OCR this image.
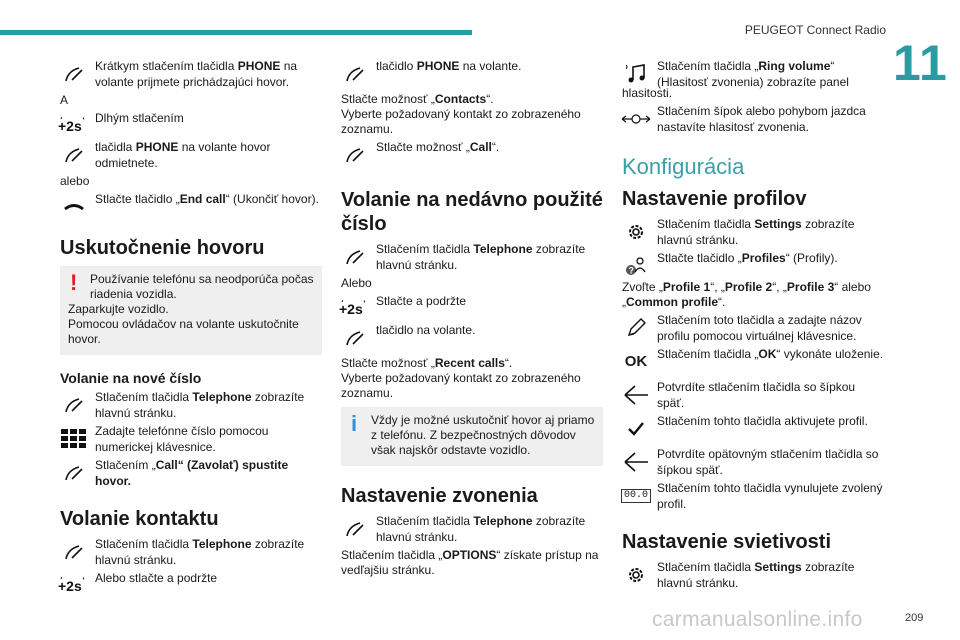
PEUGEOT Connect Radio
11
Krátkym stlačením tlačidla PHONE na volante prijmete prichádzajúci hovor.
A
+2s Dlhým stlačením
tlačidla PHONE na volante hovor odmietnete.
alebo
Stlačte tlačidlo „End call“ (Ukončiť hovor).
Uskutočnenie hovoru
! Používanie telefónu sa neodporúča počas riadenia vozidla.
Zaparkujte vozidlo.
Pomocou ovládačov na volante uskutočnite hovor.
Volanie na nové číslo
Stlačením tlačidla Telephone zobrazíte hlavnú stránku.
Zadajte telefónne číslo pomocou numerickej klávesnice.
Stlačením „Call“ (Zavolať) spustite hovor.
Volanie kontaktu
Stlačením tlačidla Telephone zobrazíte hlavnú stránku.
+2s Alebo stlačte a podržte
tlačidlo PHONE na volante.
Stlačte možnosť „Contacts“.
Vyberte požadovaný kontakt zo zobrazeného zoznamu.
Stlačte možnosť „Call“.
Volanie na nedávno použité číslo
Stlačením tlačidla Telephone zobrazíte hlavnú stránku.
Alebo
+2s Stlačte a podržte
tlačidlo na volante.
Stlačte možnosť „Recent calls“.
Vyberte požadovaný kontakt zo zobrazeného zoznamu.
i Vždy je možné uskutočniť hovor aj priamo z telefónu. Z bezpečnostných dôvodov však najskôr odstavte vozidlo.
Nastavenie zvonenia
Stlačením tlačidla Telephone zobrazíte hlavnú stránku.
Stlačením tlačidla „OPTIONS“ získate prístup na vedľajšiu stránku.
Stlačením tlačidla „Ring volume“ (Hlasitosť zvonenia) zobrazíte panel
hlasitosti.
Stlačením šípok alebo pohybom jazdca nastavíte hlasitosť zvonenia.
Konfigurácia
Nastavenie profilov
Stlačením tlačidla Settings zobrazíte hlavnú stránku.
?
Stlačte tlačidlo „Profiles“ (Profily).
Zvoľte „Profile 1“, „Profile 2“, „Profile 3“ alebo „Common profile“.
Stlačením toto tlačidla a zadajte názov profilu pomocou virtuálnej klávesnice.
OK Stlačením tlačidla „OK“ vykonáte uloženie.
Potvrdíte stlačením tlačidla so šípkou späť.
Stlačením tohto tlačidla aktivujete profil.
Potvrdíte opätovným stlačením tlačidla so šípkou späť.
00.0
Stlačením tohto tlačidla vynulujete zvolený profil.
Nastavenie svietivosti
Stlačením tlačidla Settings zobrazíte hlavnú stránku.
carmanualsonline.info	209
